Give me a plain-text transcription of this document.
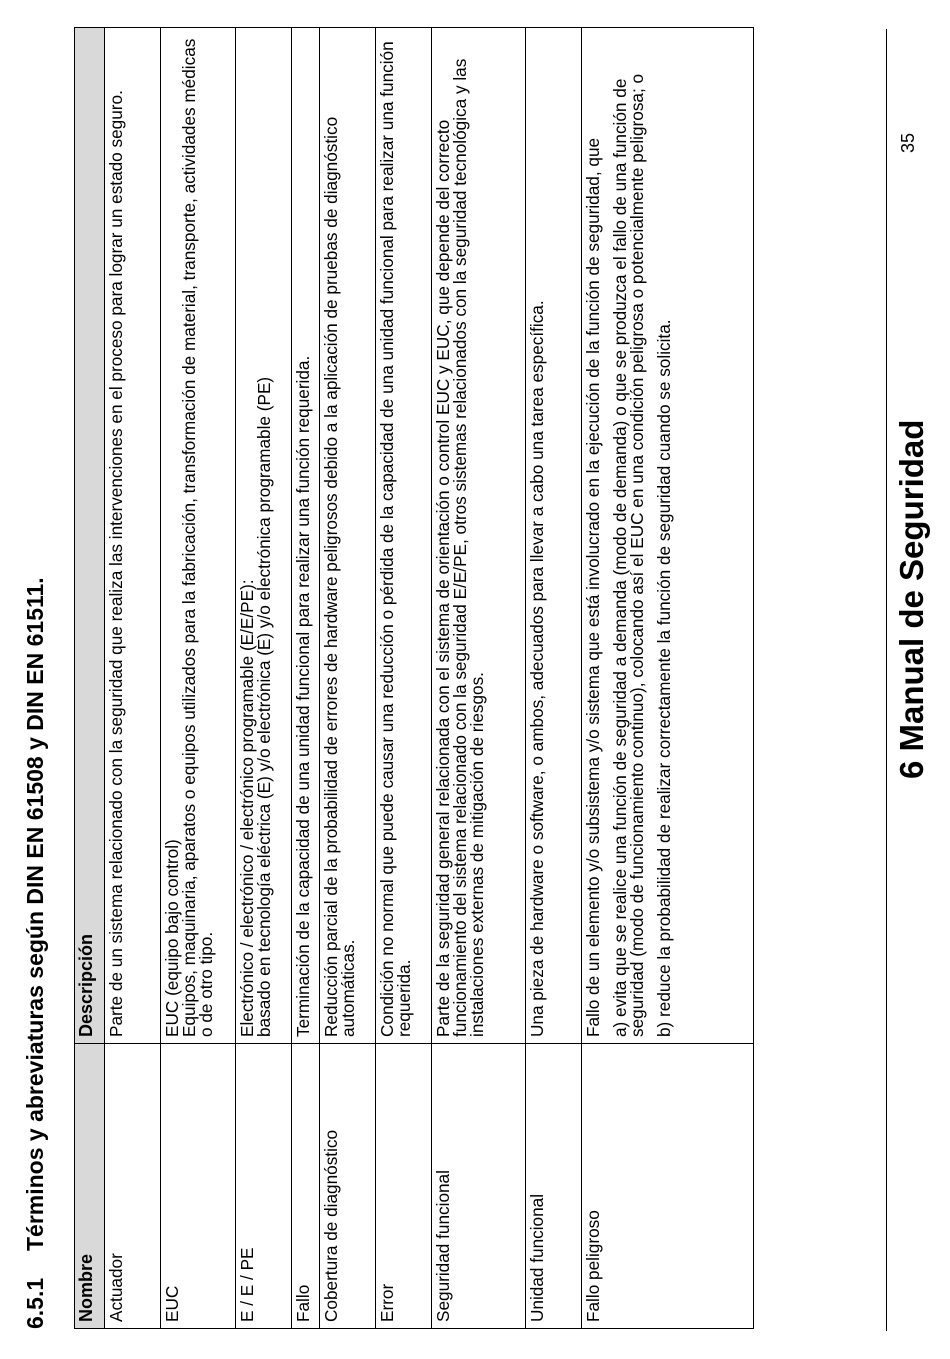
6.5.1Términos y abreviaturas según DIN EN 61508 y DIN EN 61511.
Nombre	Descripción
Actuador	Parte de un sistema relacionado con la seguridad que realiza las intervenciones en el proceso para lograr un estado seguro.

EUC	EUC (equipo bajo control)
Equipos, maquinaria, aparatos o equipos utilizados para la fabricación, transformación de material, transporte, actividades médicas o de otro tipo.

E / E / PE	Electrónico / electrónico / electrónico programable (E/E/PE):
basado en tecnología eléctrica (E) y/o electrónica (E) y/o electrónica programable (PE)

Fallo	Terminación de la capacidad de una unidad funcional para realizar una función requerida.

Cobertura de diagnóstico	Reducción parcial de la probabilidad de errores de hardware peligrosos debido a la aplicación de pruebas de diagnóstico automáticas.

Error	Condición no normal que puede causar una reducción o pérdida de la capacidad de una unidad funcional para realizar una función requerida.

Seguridad funcional	Parte de la seguridad general relacionada con el sistema de orientación o control EUC y EUC, que depende del correcto funcionamiento del sistema relacionado con la seguridad E/E/PE, otros sistemas relacionados con la seguridad tecnológica y las instalaciones externas de mitigación de riesgos.

Unidad funcional	Una pieza de hardware o software, o ambos, adecuados para llevar a cabo una tarea específica.

Fallo peligroso	Fallo de un elemento y/o subsistema y/o sistema que está involucrado en la ejecución de la función de seguridad, que a) evita que se realice una función de seguridad a demanda (modo de demanda) o que se produzca el fallo de una función de seguridad (modo de funcionamiento continuo), colocando así el EUC en una condición peligrosa o potencialmente peligrosa; o b) reduce la probabilidad de realizar correctamente la función de seguridad cuando se solicita.	6 Manual de Seguridad
35
